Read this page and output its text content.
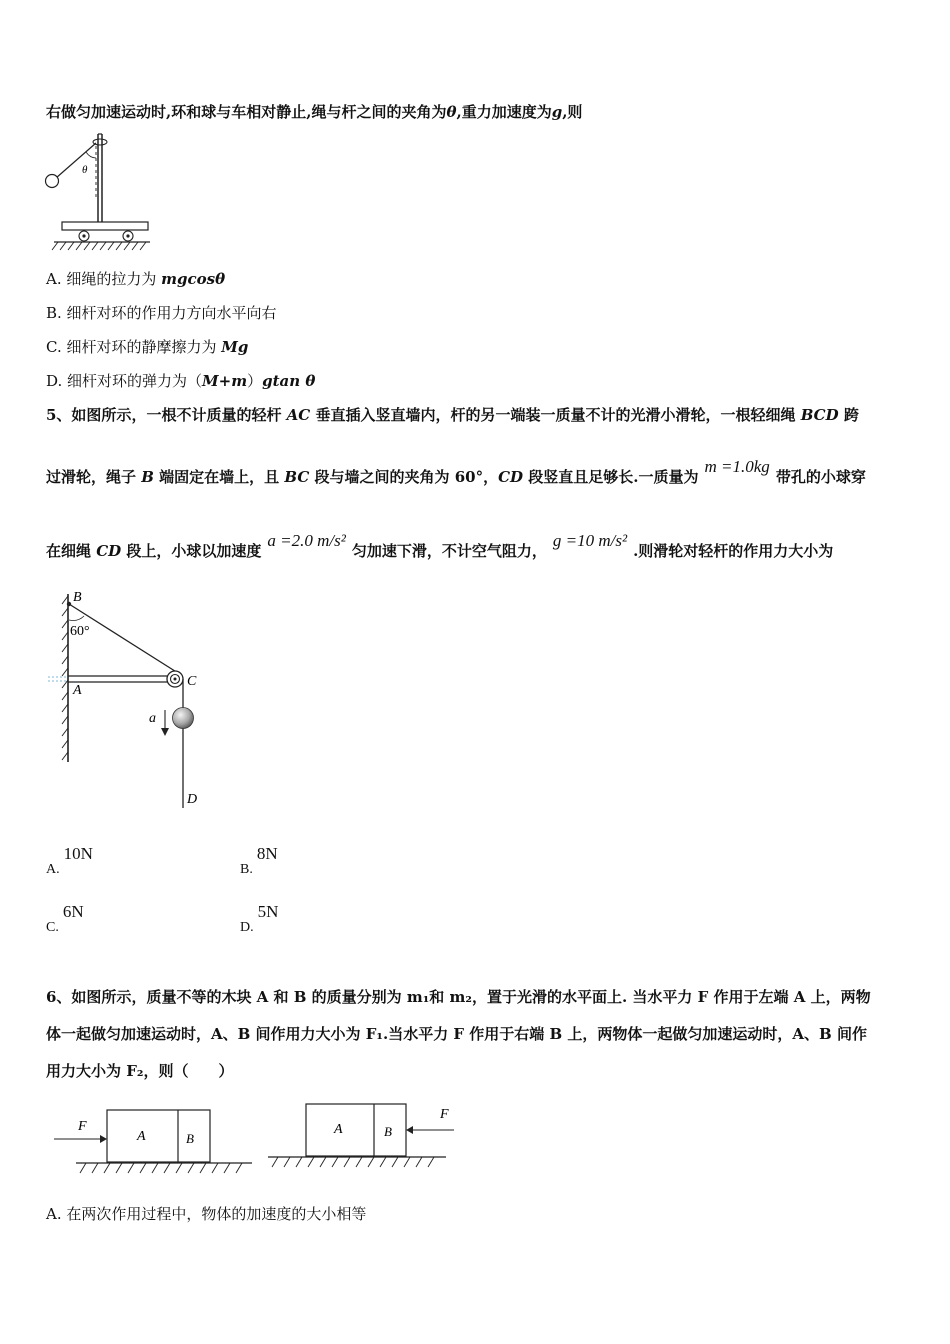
右做匀加速运动时,环和球与车相对静止,绳与杆之间的夹角为θ,重力加速度为g,则
θ
A. 细绳的拉力为 mgcosθ
B. 细杆对环的作用力方向水平向右
C. 细杆对环的静摩擦力为 Mg
D. 细杆对环的弹力为（M+m）gtan θ
5、如图所示，一根不计质量的轻杆 AC 垂直插入竖直墙内，杆的另一端装一质量不计的光滑小滑轮，一根轻细绳 BCD 跨
过滑轮，绳子 B 端固定在墙上，且 BC 段与墙之间的夹角为 60°，CD 段竖直且足够长.一质量为m =1.0kg带孔的小球穿
在细绳 CD 段上，小球以加速度a =2.0 m/s²匀加速下滑，不计空气阻力，g =10 m/s².则滑轮对轻杆的作用力大小为
60°
B
A
C
a
D
A.10N
B.8N
C.6N
D.5N
6、如图所示，质量不等的木块 A 和 B 的质量分别为 m₁和 m₂，置于光滑的水平面上. 当水平力 F 作用于左端 A 上，两物
体一起做匀加速运动时，A、B 间作用力大小为 F₁.当水平力 F 作用于右端 B 上，两物体一起做匀加速运动时，A、B 间作
用力大小为 F₂，则（　　）
A	B
F	A	B
F
A. 在两次作用过程中，物体的加速度的大小相等
